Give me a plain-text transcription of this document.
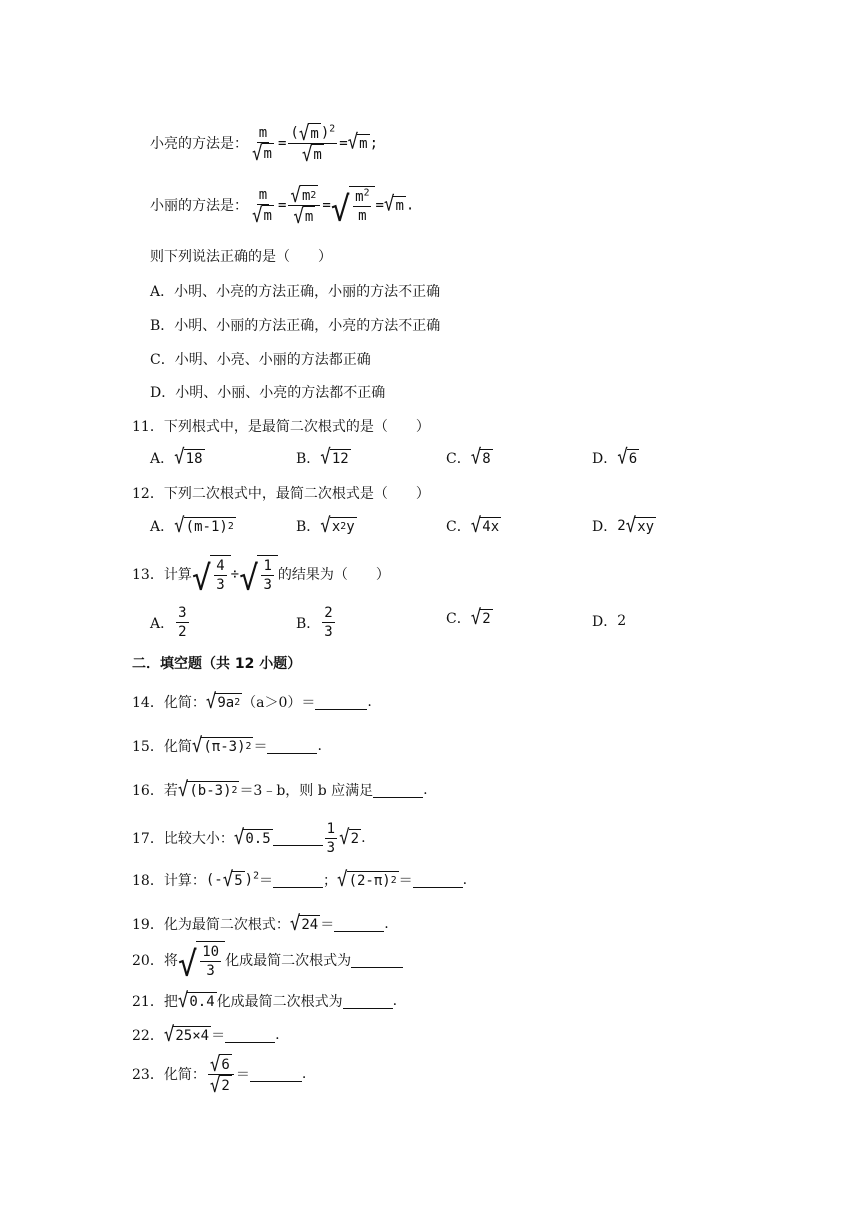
小亮的方法是： $\frac{m}{√ m} = \frac{( √ m )^2}{√ m}$ = √ m ;
小丽的方法是： $\frac{m}{√ m} = \frac{√ m 2}{√ m}$ = √ $\frac{m^2}{m}$ = √ m .
则下列说法正确的是（　　）
A．小明、小亮的方法正确，小丽的方法不正确
B．小明、小丽的方法正确，小亮的方法不正确
C．小明、小亮、小丽的方法都正确
D．小明、小丽、小亮的方法都不正确
11．下列根式中，是最简二次根式的是（　　）
A． √ 18	B． √ 12	C． √ 8	D． √ 6
12．下列二次根式中，最简二次根式是（　　）
A． √ (m-1) 2	B． √ x 2 y	C． √ 4x	D． 2 √ xy
13．计算 √ $\frac{4}{3}$ ÷ √ $\frac{1}{3}$ 的结果为（　　）
A． $\frac{3}{2}$	B． $\frac{2}{3}$	C． √ 2	D． 2
二．填空题（共 12 小题）
14．化简： √ 9a 2 （a＞0）＝	.
15．化简 √ (π-3) 2 ＝	.
16．若 √ (b-3) 2 ＝3﹣b，则 b 应满足	.
17．比较大小： √ 0.5	$\frac{1}{3}$ √ 2 .
18．计算： (- √ 5 )$^2$ ＝	； √ (2-π) 2 ＝	.
19．化为最简二次根式： √ 24 ＝	.
20．将 √ $\frac{10}{3}$ 化成最简二次根式为
21．把 √ 0.4 化成最简二次根式为	.
22． √ 25×4 ＝	.
23．化简： $\frac{√ 6}{√ 2}$ ＝	.
